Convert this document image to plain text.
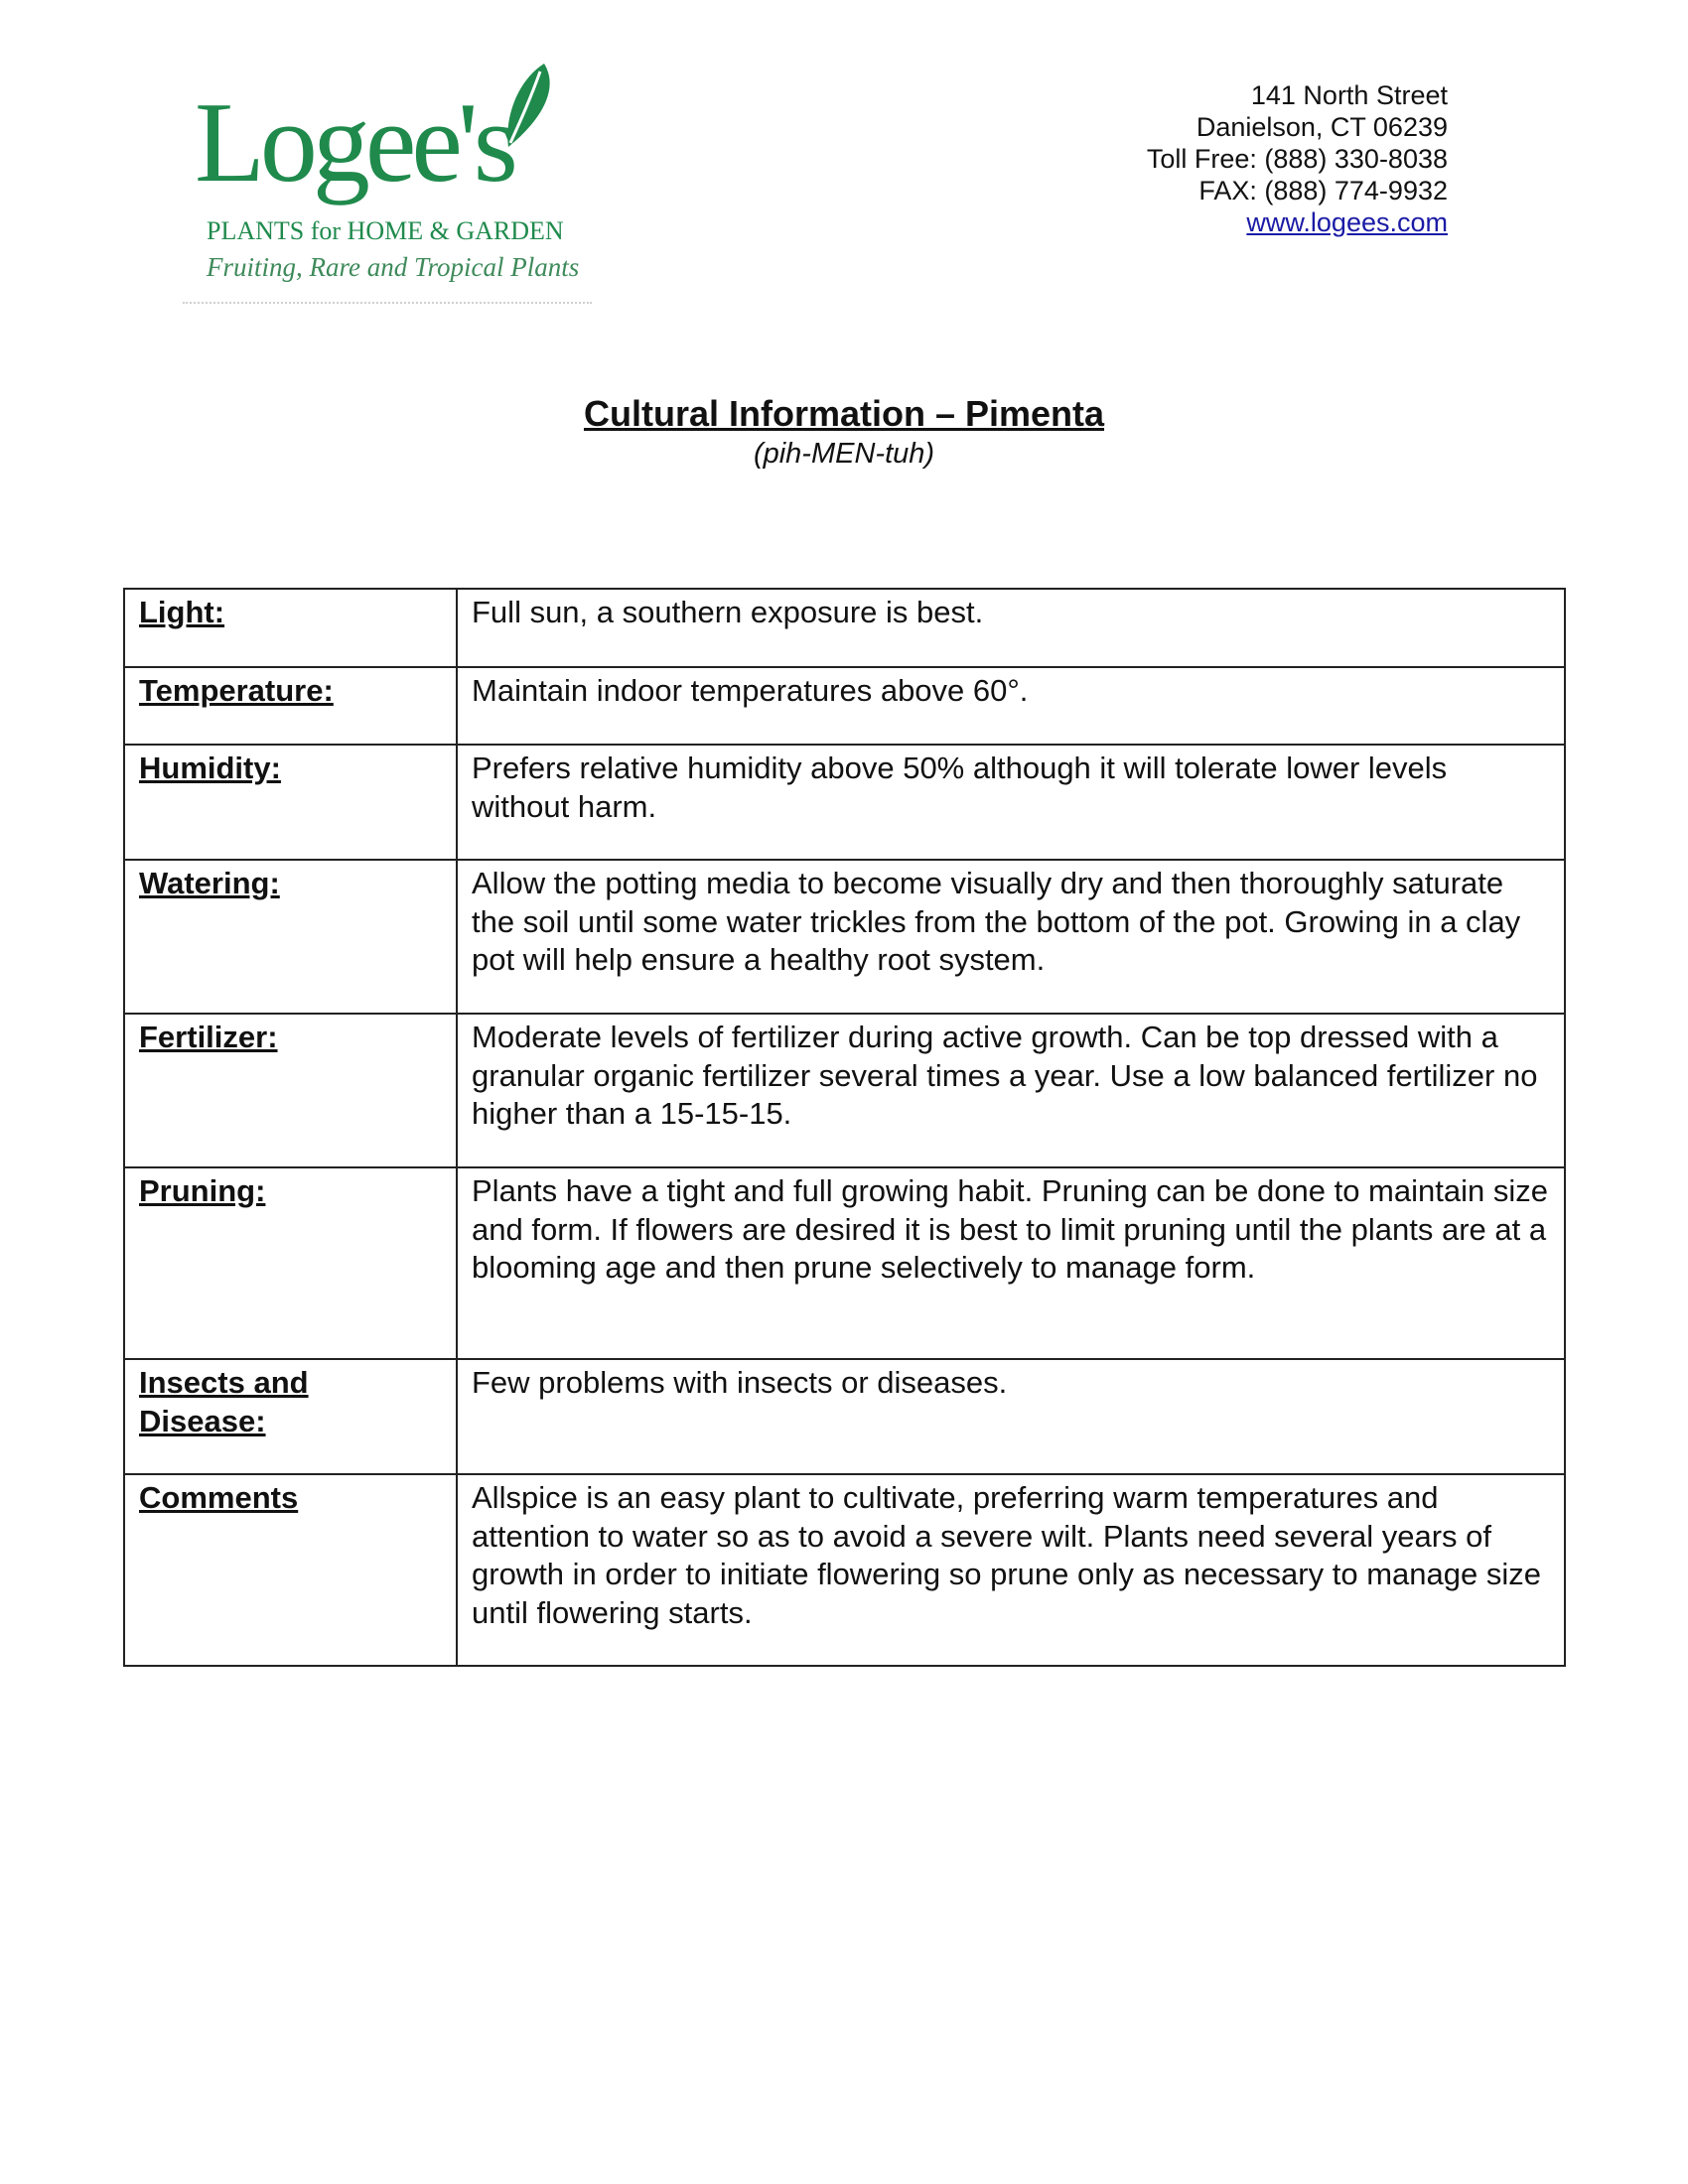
Logee's
PLANTS for HOME & GARDEN
Fruiting, Rare and Tropical Plants
141 North Street
Danielson, CT 06239
Toll Free: (888) 330-8038
FAX: (888) 774-9932
www.logees.com
Cultural Information – Pimenta
(pih-MEN-tuh)
Light:	Full sun, a southern exposure is best.
Temperature:	Maintain indoor temperatures above 60°.
Humidity:	Prefers relative humidity above 50% although it will tolerate lower levels without harm.
Watering:	Allow the potting media to become visually dry and then thoroughly saturate the soil until some water trickles from the bottom of the pot. Growing in a clay pot will help ensure a healthy root system.
Fertilizer:	Moderate levels of fertilizer during active growth. Can be top dressed with a granular organic fertilizer several times a year. Use a low balanced fertilizer no higher than a 15-15-15.
Pruning:	Plants have a tight and full growing habit. Pruning can be done to maintain size and form. If flowers are desired it is best to limit pruning until the plants are at a blooming age and then prune selectively to manage form.
Insects and Disease:	Few problems with insects or diseases.
Comments	Allspice is an easy plant to cultivate, preferring warm temperatures and attention to water so as to avoid a severe wilt. Plants need several years of growth in order to initiate flowering so prune only as necessary to manage size until flowering starts.
